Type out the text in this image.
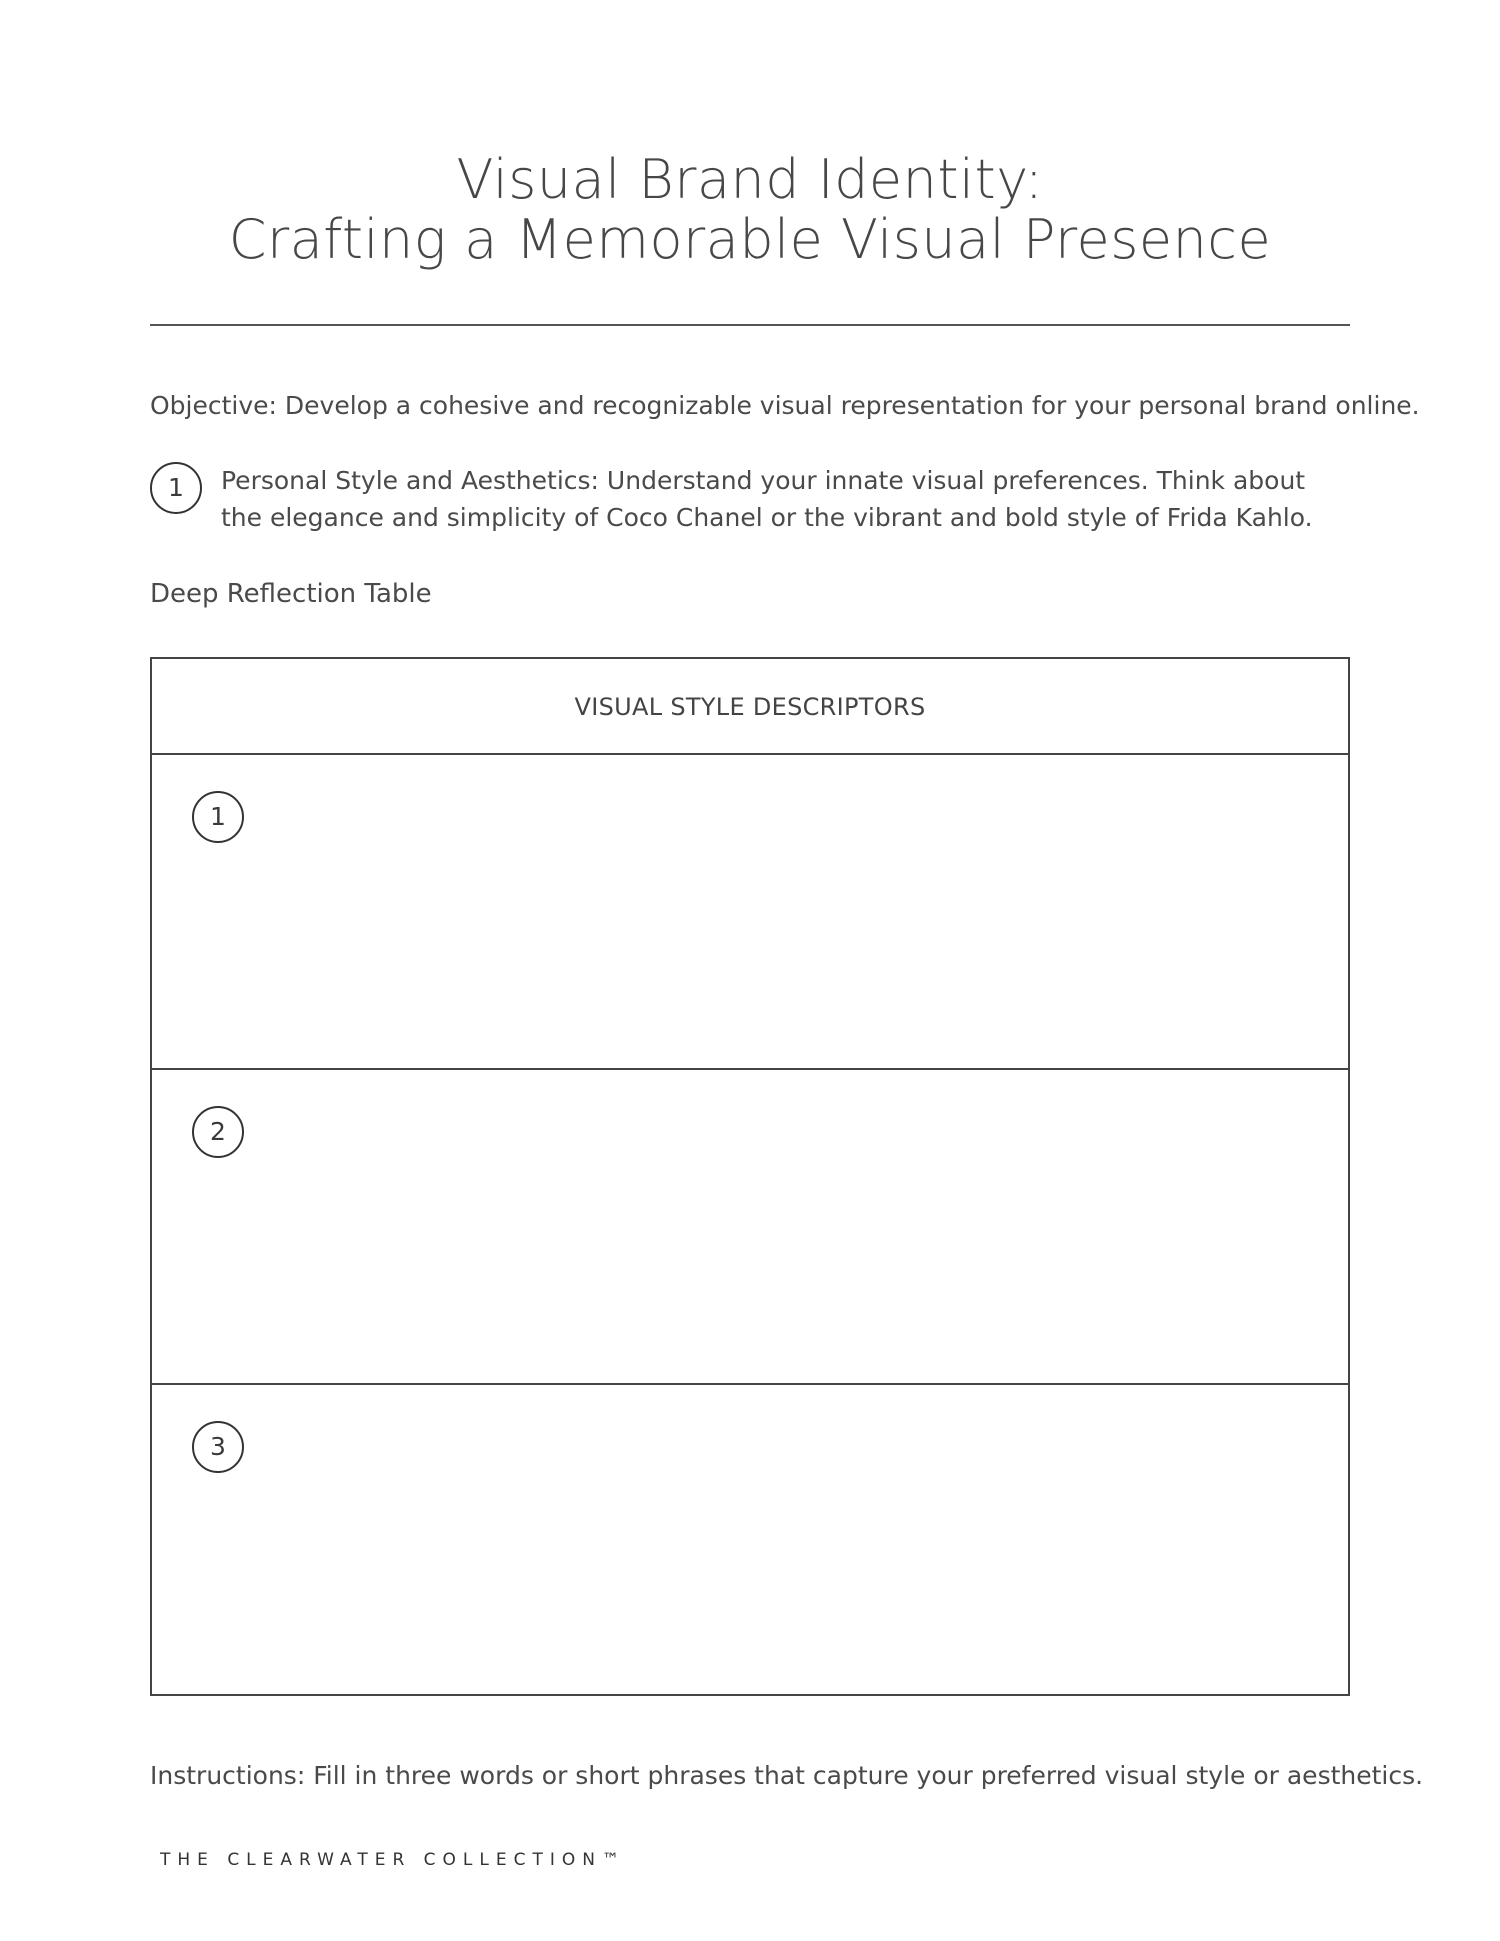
Visual Brand Identity:
Crafting a Memorable Visual Presence
Objective: Develop a cohesive and recognizable visual representation for your personal brand online.
1	Personal Style and Aesthetics: Understand your innate visual preferences. Think about the elegance and simplicity of Coco Chanel or the vibrant and bold style of Frida Kahlo.
Deep Reflection Table
VISUAL STYLE DESCRIPTORS
1
2
3
Instructions: Fill in three words or short phrases that capture your preferred visual style or aesthetics.
THE CLEARWATER COLLECTION™
